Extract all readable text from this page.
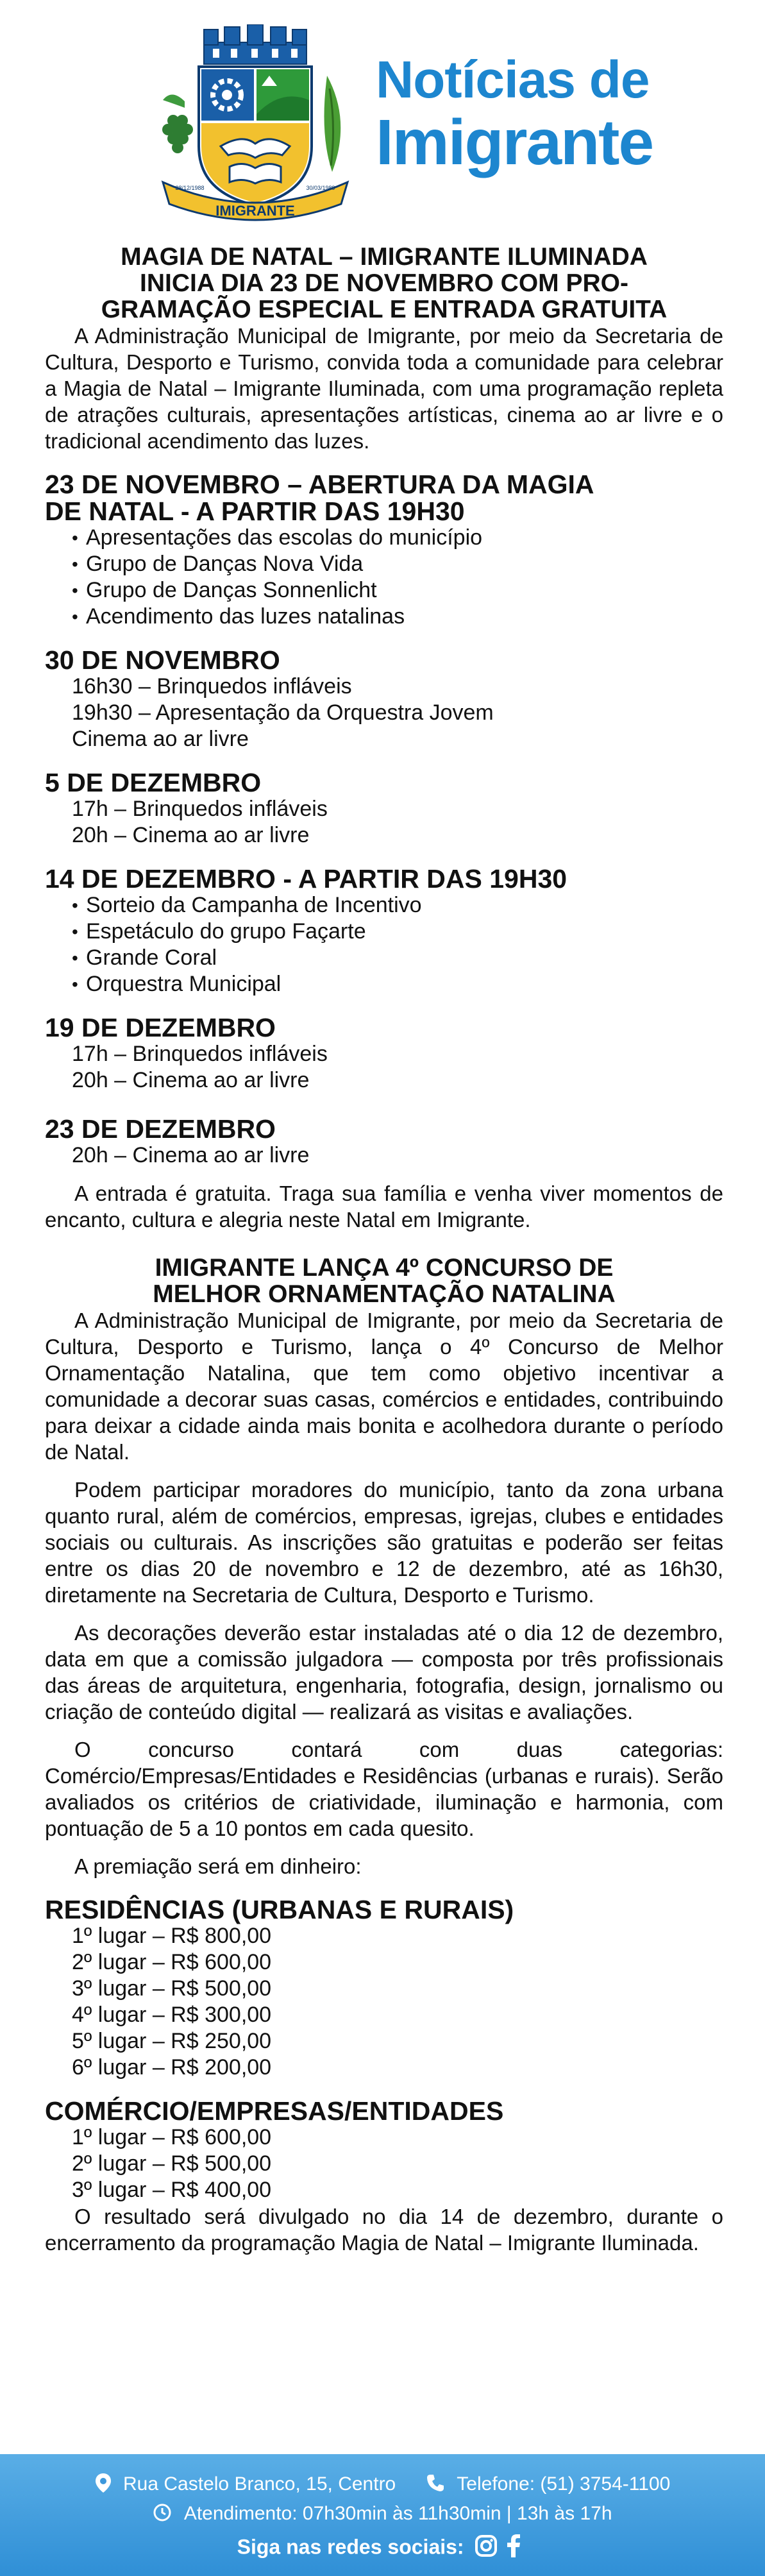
IMIGRANTE
28/12/1988	30/03/1989
Notícias de
Imigrante
MAGIA DE NATAL – IMIGRANTE ILUMINADA
INICIA DIA 23 DE NOVEMBRO COM PRO-
GRAMAÇÃO ESPECIAL E ENTRADA GRATUITA

A Administração Municipal de Imigrante, por meio da Secretaria de Cultura, Desporto e Turismo, convida toda a comunidade para celebrar a Magia de Natal – Imigrante Iluminada, com uma programação repleta de atrações culturais, apresentações artísticas, cinema ao ar livre e o tradicional acendimento das luzes.

23 DE NOVEMBRO – ABERTURA DA MAGIA
DE NATAL - A PARTIR DAS 19H30
• Apresentações das escolas do município
• Grupo de Danças Nova Vida
• Grupo de Danças Sonnenlicht
• Acendimento das luzes natalinas
30 DE NOVEMBRO
16h30 – Brinquedos infláveis
19h30 – Apresentação da Orquestra Jovem
Cinema ao ar livre
5 DE DEZEMBRO
17h – Brinquedos infláveis
20h – Cinema ao ar livre
14 DE DEZEMBRO - A PARTIR DAS 19H30
• Sorteio da Campanha de Incentivo
• Espetáculo do grupo Façarte
• Grande Coral
• Orquestra Municipal
19 DE DEZEMBRO
17h – Brinquedos infláveis
20h – Cinema ao ar livre
23 DE DEZEMBRO
20h – Cinema ao ar livre

A entrada é gratuita. Traga sua família e venha viver momentos de encanto, cultura e alegria neste Natal em Imigrante.

IMIGRANTE LANÇA 4º CONCURSO DE
MELHOR ORNAMENTAÇÃO NATALINA

A Administração Municipal de Imigrante, por meio da Secretaria de Cultura, Desporto e Turismo, lança o 4º Concurso de Melhor Ornamentação Natalina, que tem como objetivo incentivar a comunidade a decorar suas casas, comércios e entidades, contribuindo para deixar a cidade ainda mais bonita e acolhedora durante o período de Natal.

Podem participar moradores do município, tanto da zona urbana quanto rural, além de comércios, empresas, igrejas, clubes e entidades sociais ou culturais. As inscrições são gratuitas e poderão ser feitas entre os dias 20 de novembro e 12 de dezembro, até as 16h30, diretamente na Secretaria de Cultura, Desporto e Turismo.

As decorações deverão estar instaladas até o dia 12 de dezembro, data em que a comissão julgadora — composta por três profissionais das áreas de arquitetura, engenharia, fotografia, design, jornalismo ou criação de conteúdo digital — realizará as visitas e avaliações.

O concurso contará com duas categorias: Comércio/Empresas/Entidades e Residências (urbanas e rurais). Serão avaliados os critérios de criatividade, iluminação e harmonia, com pontuação de 5 a 10 pontos em cada quesito.

A premiação será em dinheiro:

RESIDÊNCIAS (URBANAS E RURAIS)
1º lugar – R$ 800,00
2º lugar – R$ 600,00
3º lugar – R$ 500,00
4º lugar – R$ 300,00
5º lugar – R$ 250,00
6º lugar – R$ 200,00
COMÉRCIO/EMPRESAS/ENTIDADES
1º lugar – R$ 600,00
2º lugar – R$ 500,00
3º lugar – R$ 400,00

O resultado será divulgado no dia 14 de dezembro, durante o encerramento da programação Magia de Natal – Imigrante Iluminada.

Rua Castelo Branco, 15, Centro	Telefone: (51) 3754-1100
Atendimento: 07h30min às 11h30min | 13h às 17h
Siga nas redes sociais:
